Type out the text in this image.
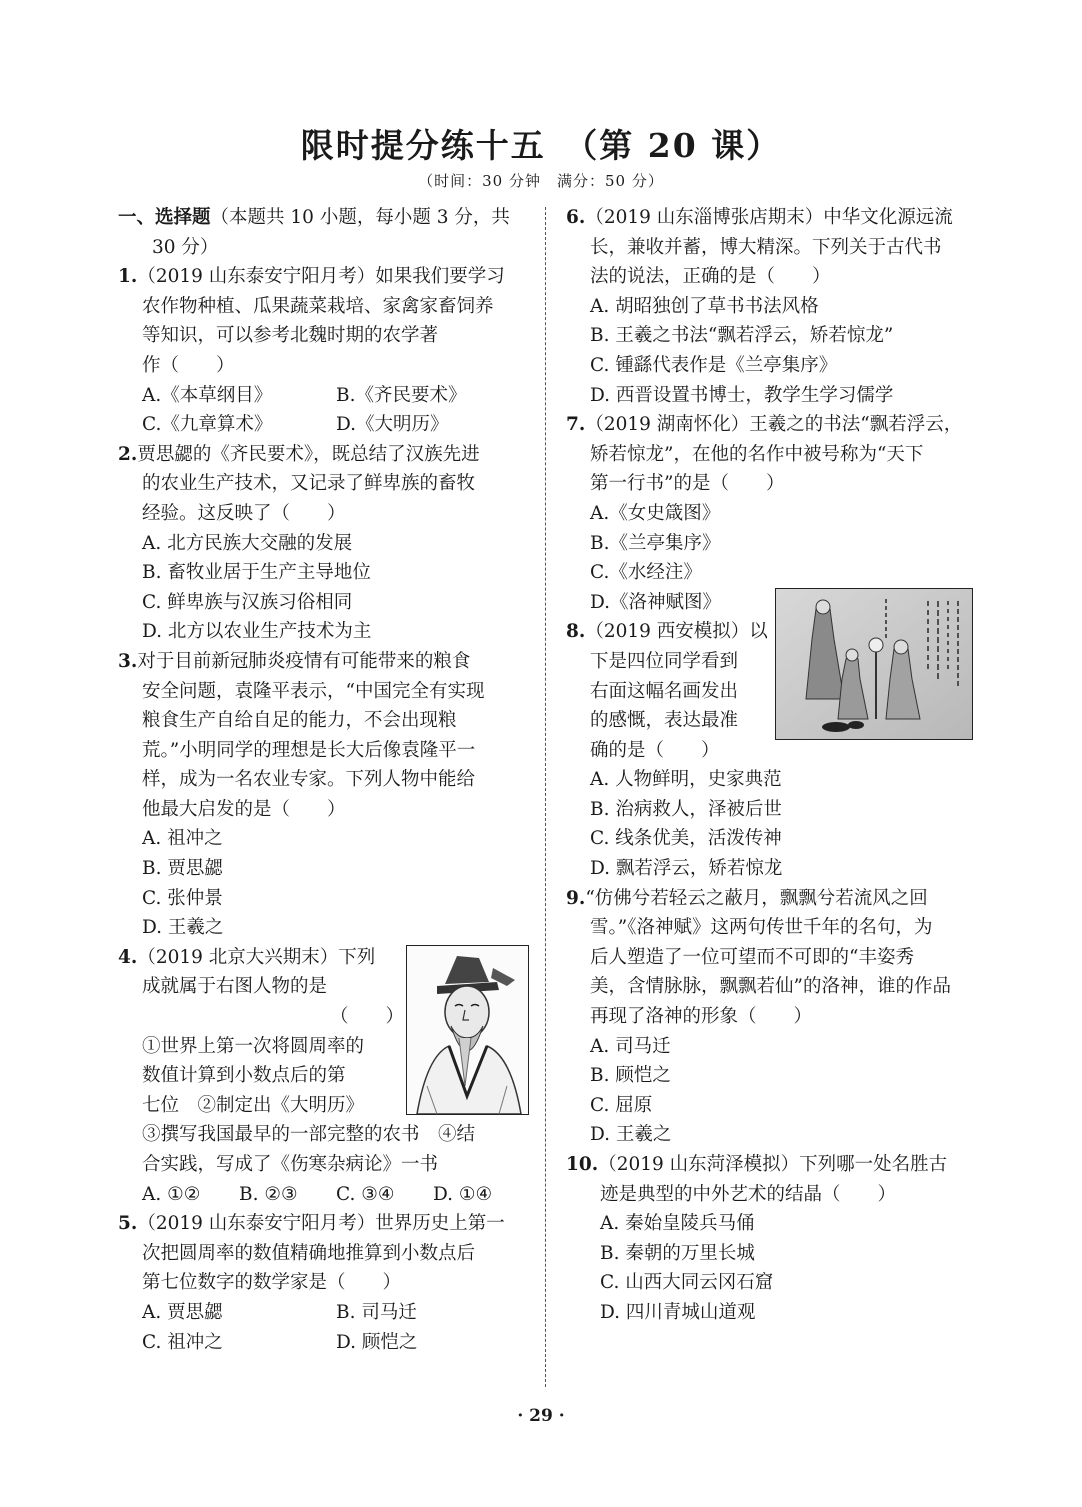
限时提分练十五　（第 20 课）
（时间：30 分钟　满分：50 分）
一、选择题（本题共 10 小题，每小题 3 分，共
30 分）
1.（2019 山东泰安宁阳月考）如果我们要学习
农作物种植、瓜果蔬菜栽培、家禽家畜饲养
等知识，可以参考北魏时期的农学著
作（　　）
A.《本草纲目》	B.《齐民要术》
C.《九章算术》	D.《大明历》
2.贾思勰的《齐民要术》，既总结了汉族先进
的农业生产技术，又记录了鲜卑族的畜牧
经验。这反映了（　　）
A. 北方民族大交融的发展
B. 畜牧业居于生产主导地位
C. 鲜卑族与汉族习俗相同
D. 北方以农业生产技术为主
3.对于目前新冠肺炎疫情有可能带来的粮食
安全问题，袁隆平表示，“中国完全有实现
粮食生产自给自足的能力，不会出现粮
荒。”小明同学的理想是长大后像袁隆平一
样，成为一名农业专家。下列人物中能给
他最大启发的是（　　）
A. 祖冲之
B. 贾思勰
C. 张仲景
D. 王羲之
4.（2019 北京大兴期末）下列
成就属于右图人物的是
（　　）
①世界上第一次将圆周率的
数值计算到小数点后的第
七位　②制定出《大明历》
③撰写我国最早的一部完整的农书　④结
合实践，写成了《伤寒杂病论》一书
A. ①②	B. ②③	C. ③④	D. ①④
5.（2019 山东泰安宁阳月考）世界历史上第一
次把圆周率的数值精确地推算到小数点后
第七位数字的数学家是（　　）
A. 贾思勰	B. 司马迁
C. 祖冲之	D. 顾恺之
6.（2019 山东淄博张店期末）中华文化源远流
长，兼收并蓄，博大精深。下列关于古代书
法的说法，正确的是（　　）
A. 胡昭独创了草书书法风格
B. 王羲之书法“飘若浮云，矫若惊龙”
C. 锺繇代表作是《兰亭集序》
D. 西晋设置书博士，教学生学习儒学
7.（2019 湖南怀化）王羲之的书法“飘若浮云，
矫若惊龙”，在他的名作中被号称为“天下
第一行书”的是（　　）
A.《女史箴图》
B.《兰亭集序》
C.《水经注》
D.《洛神赋图》
8.（2019 西安模拟）以
下是四位同学看到
右面这幅名画发出
的感慨，表达最准
确的是（　　）
A. 人物鲜明，史家典范
B. 治病救人，泽被后世
C. 线条优美，活泼传神
D. 飘若浮云，矫若惊龙
9.“仿佛兮若轻云之蔽月，飘飘兮若流风之回
雪。”《洛神赋》这两句传世千年的名句，为
后人塑造了一位可望而不可即的“丰姿秀
美，含情脉脉，飘飘若仙”的洛神，谁的作品
再现了洛神的形象（　　）
A. 司马迁
B. 顾恺之
C. 屈原
D. 王羲之
10.（2019 山东菏泽模拟）下列哪一处名胜古
迹是典型的中外艺术的结晶（　　）
A. 秦始皇陵兵马俑
B. 秦朝的万里长城
C. 山西大同云冈石窟
D. 四川青城山道观
· 29 ·
